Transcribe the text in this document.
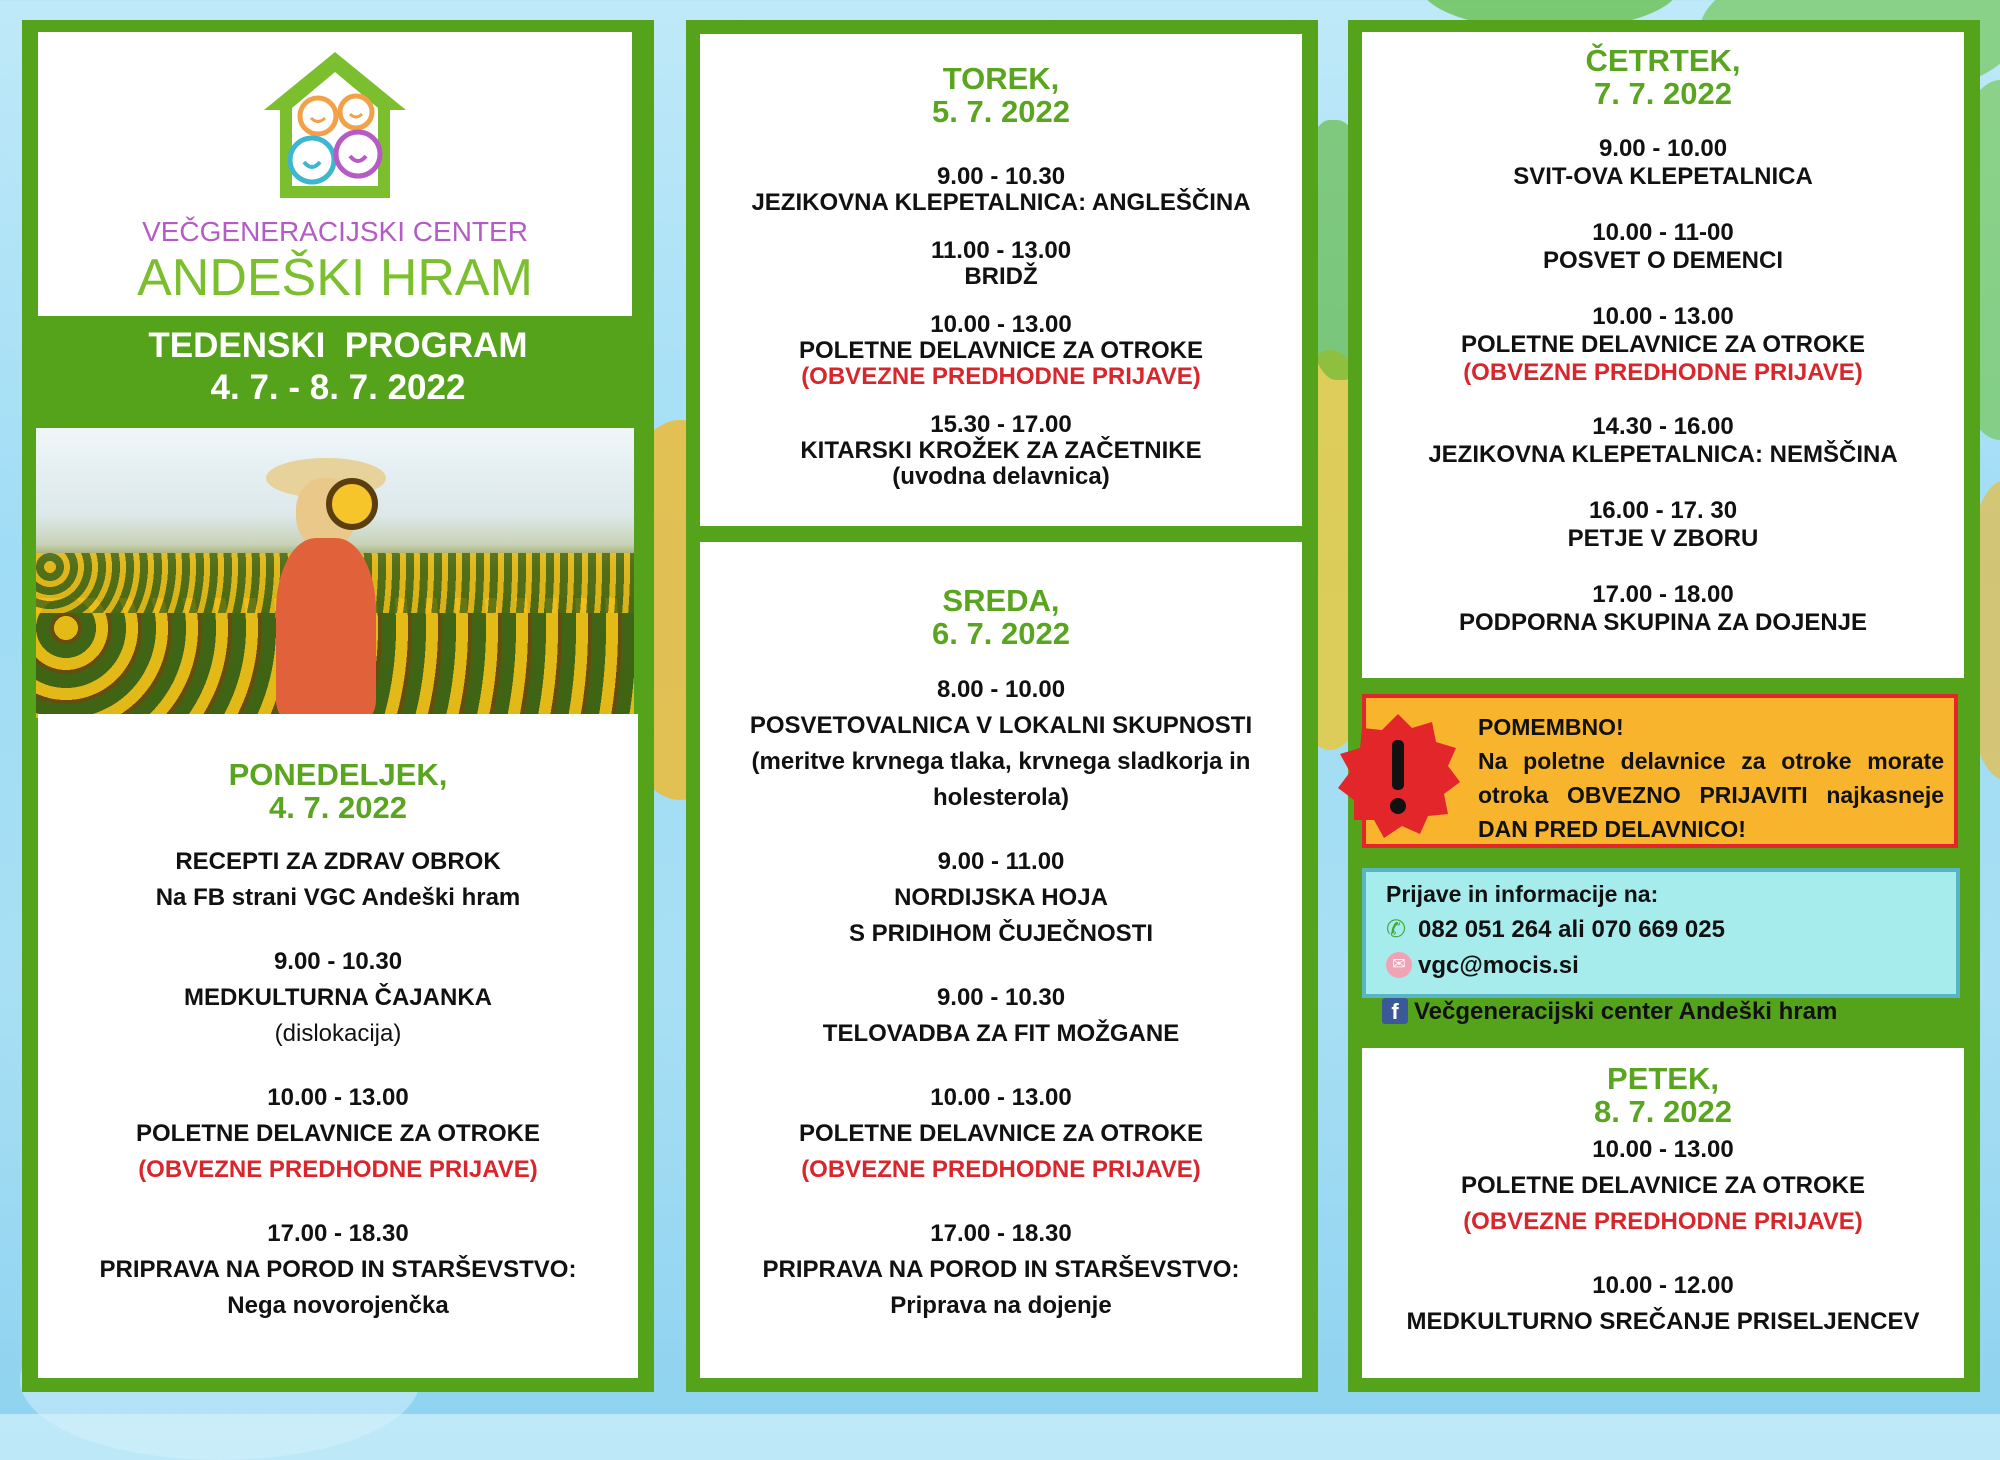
VEČGENERACIJSKI CENTER
ANDEŠKI HRAM
TEDENSKI  PROGRAM
4. 7. - 8. 7. 2022
PONEDELJEK,
4. 7. 2022
RECEPTI ZA ZDRAV OBROK
Na FB strani VGC Andeški hram
9.00 - 10.30
MEDKULTURNA ČAJANKA
(dislokacija)
10.00 - 13.00
POLETNE DELAVNICE ZA OTROKE
(OBVEZNE PREDHODNE PRIJAVE)
17.00 - 18.30
PRIPRAVA NA POROD IN STARŠEVSTVO:
Nega novorojenčka
TOREK,
5. 7. 2022
9.00 - 10.30
JEZIKOVNA KLEPETALNICA: ANGLEŠČINA
11.00 - 13.00
BRIDŽ
10.00 - 13.00
POLETNE DELAVNICE ZA OTROKE
(OBVEZNE PREDHODNE PRIJAVE)
15.30 - 17.00
KITARSKI KROŽEK ZA ZAČETNIKE
(uvodna delavnica)
SREDA,
6. 7. 2022
8.00 - 10.00
POSVETOVALNICA V LOKALNI SKUPNOSTI
(meritve krvnega tlaka, krvnega sladkorja in holesterola)
9.00 - 11.00
NORDIJSKA HOJA
S PRIDIHOM ČUJEČNOSTI
9.00 - 10.30
TELOVADBA ZA FIT MOŽGANE
10.00 - 13.00
POLETNE DELAVNICE ZA OTROKE
(OBVEZNE PREDHODNE PRIJAVE)
17.00 - 18.30
PRIPRAVA NA POROD IN STARŠEVSTVO:
Priprava na dojenje
ČETRTEK,
7. 7. 2022
9.00 - 10.00
SVIT-OVA KLEPETALNICA
10.00 - 11-00
POSVET O DEMENCI
10.00 - 13.00
POLETNE DELAVNICE ZA OTROKE
(OBVEZNE PREDHODNE PRIJAVE)
14.30 - 16.00
JEZIKOVNA KLEPETALNICA: NEMŠČINA
16.00 - 17. 30
PETJE V ZBORU
17.00 - 18.00
PODPORNA SKUPINA ZA DOJENJE
POMEMBNO!
Na poletne delavnice za otroke morate otroka OBVEZNO PRIJAVITI najkasneje DAN PRED DELAVNICO!
Prijave in informacije na:
✆ 082 051 264 ali 070 669 025
✉ vgc@mocis.si
f Večgeneracijski center Andeški hram
PETEK,
8. 7. 2022
10.00 - 13.00
POLETNE DELAVNICE ZA OTROKE
(OBVEZNE PREDHODNE PRIJAVE)
10.00 - 12.00
MEDKULTURNO SREČANJE PRISELJENCEV
